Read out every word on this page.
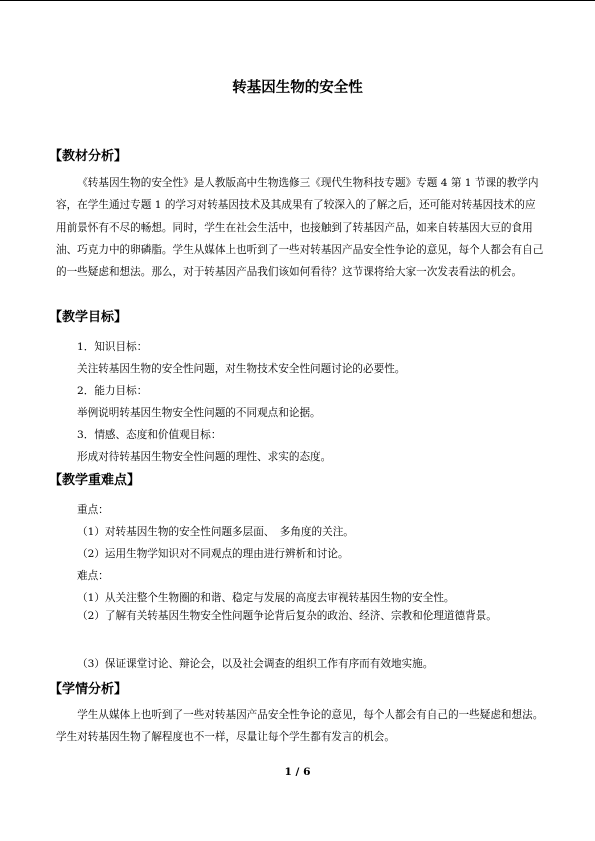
转基因生物的安全性
【教材分析】

《转基因生物的安全性》是人教版高中生物选修三《现代生物科技专题》专题 4 第 1 节课的教学内容，在学生通过专题 1 的学习对转基因技术及其成果有了较深入的了解之后，还可能对转基因技术的应用前景怀有不尽的畅想。同时，学生在社会生活中，也接触到了转基因产品，如来自转基因大豆的食用油、巧克力中的卵磷脂。学生从媒体上也听到了一些对转基因产品安全性争论的意见，每个人都会有自己的一些疑虑和想法。那么，对于转基因产品我们该如何看待？这节课将给大家一次发表看法的机会。

【教学目标】
1．知识目标：
关注转基因生物的安全性问题，对生物技术安全性问题讨论的必要性。
2．能力目标：
举例说明转基因生物安全性问题的不同观点和论据。
3．情感、态度和价值观目标：
形成对待转基因生物安全性问题的理性、求实的态度。
【教学重难点】
重点：
（1）对转基因生物的安全性问题多层面、　多角度的关注。
（2）运用生物学知识对不同观点的理由进行辨析和讨论。
难点：
（1）从关注整个生物圈的和谐、稳定与发展的高度去审视转基因生物的安全性。

（2）了解有关转基因生物安全性问题争论背后复杂的政治、经济、宗教和伦理道德背景。

（3）保证课堂讨论、辩论会，以及社会调查的组织工作有序而有效地实施。
【学情分析】

学生从媒体上也听到了一些对转基因产品安全性争论的意见，每个人都会有自己的一些疑虑和想法。学生对转基因生物了解程度也不一样，尽量让每个学生都有发言的机会。

1 / 6
